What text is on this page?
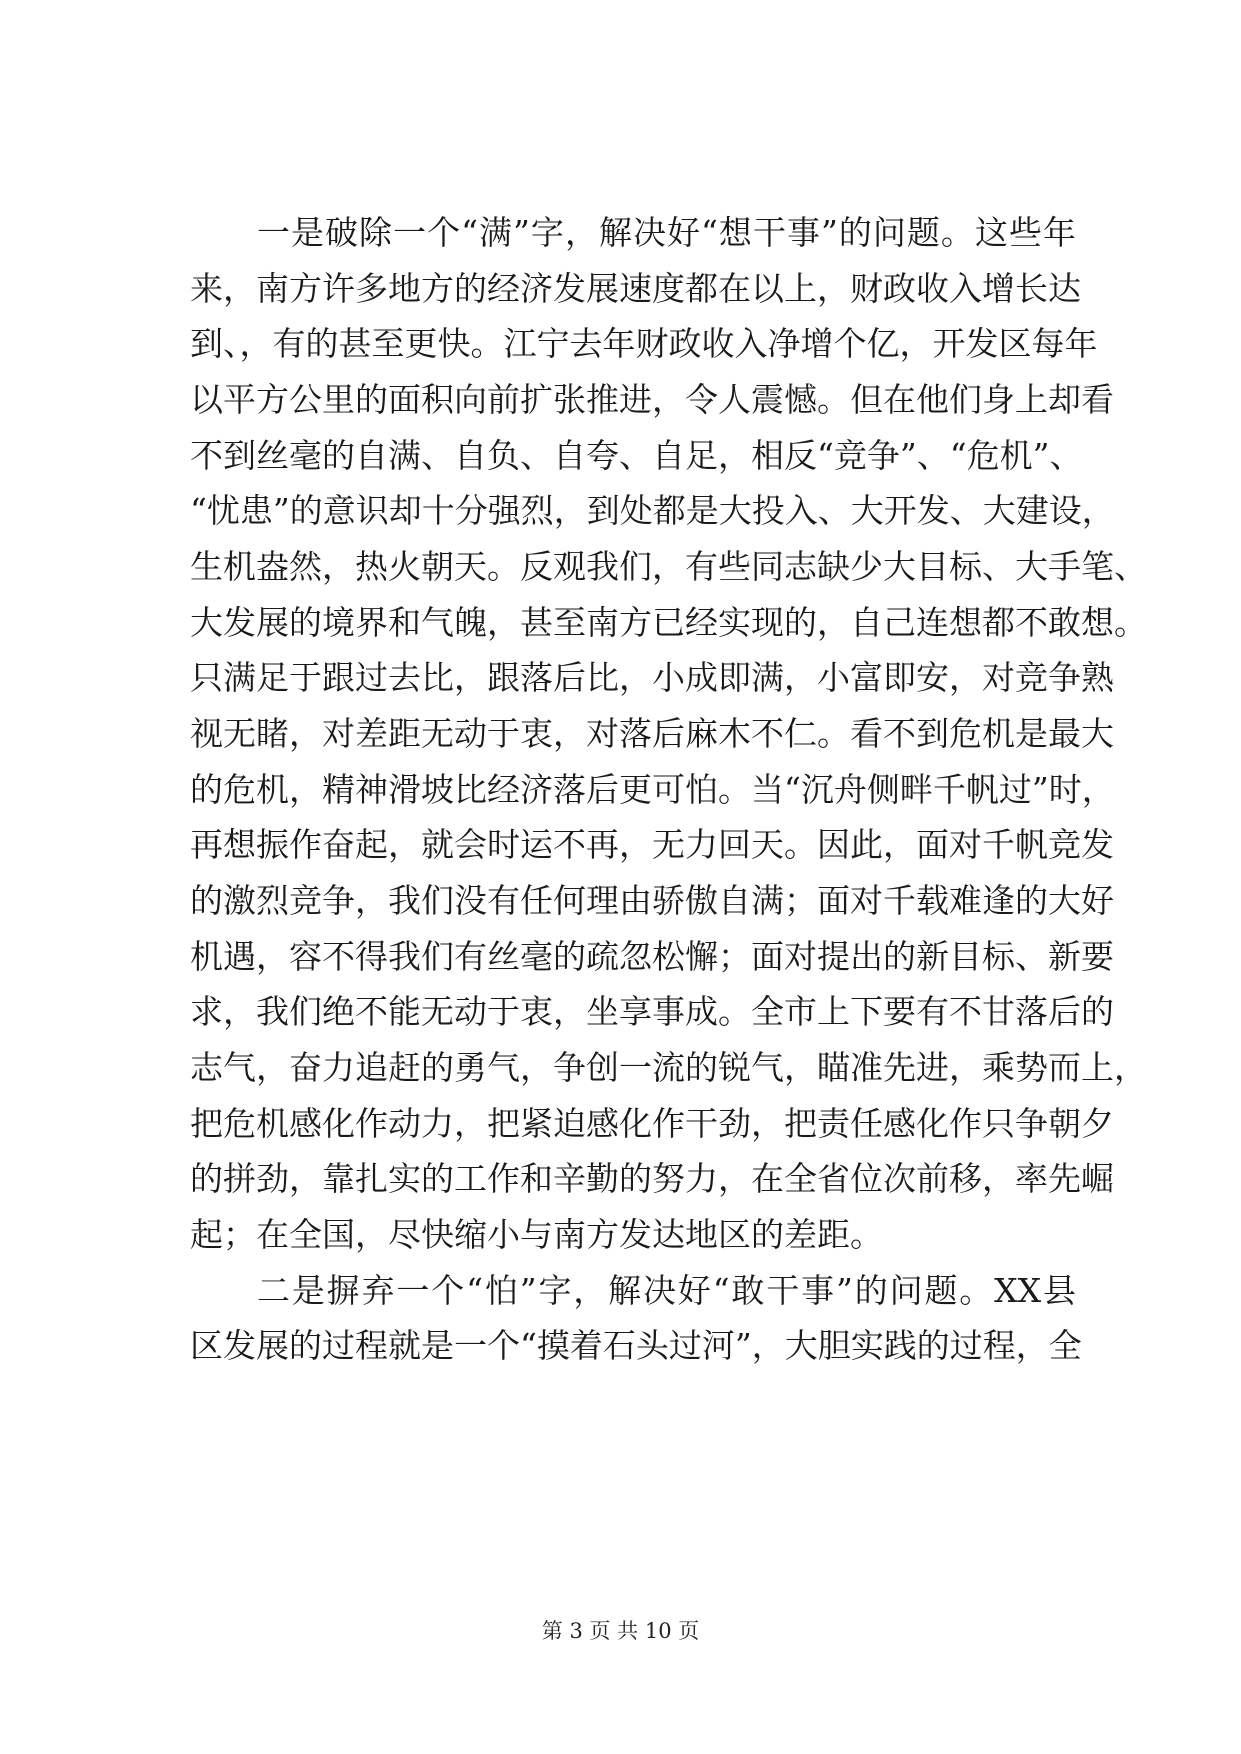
一是破除一个“满”字，解决好“想干事”的问题。这些年
来，南方许多地方的经济发展速度都在以上，财政收入增长达
到、，有的甚至更快。江宁去年财政收入净增个亿，开发区每年
以平方公里的面积向前扩张推进，令人震憾。但在他们身上却看
不到丝毫的自满、自负、自夸、自足，相反“竞争”、“危机”、
“忧患”的意识却十分强烈，到处都是大投入、大开发、大建设，
生机盎然，热火朝天。反观我们，有些同志缺少大目标、大手笔、
大发展的境界和气魄，甚至南方已经实现的，自己连想都不敢想。
只满足于跟过去比，跟落后比，小成即满，小富即安，对竞争熟
视无睹，对差距无动于衷，对落后麻木不仁。看不到危机是最大
的危机，精神滑坡比经济落后更可怕。当“沉舟侧畔千帆过”时，
再想振作奋起，就会时运不再，无力回天。因此，面对千帆竞发
的激烈竞争，我们没有任何理由骄傲自满；面对千载难逢的大好
机遇，容不得我们有丝毫的疏忽松懈；面对提出的新目标、新要
求，我们绝不能无动于衷，坐享事成。全市上下要有不甘落后的
志气，奋力追赶的勇气，争创一流的锐气，瞄准先进，乘势而上，
把危机感化作动力，把紧迫感化作干劲，把责任感化作只争朝夕
的拼劲，靠扎实的工作和辛勤的努力，在全省位次前移，率先崛
起；在全国，尽快缩小与南方发达地区的差距。
二是摒弃一个“怕”字，解决好“敢干事”的问题。XX县
区发展的过程就是一个“摸着石头过河”，大胆实践的过程，全
第 3 页 共 10 页
